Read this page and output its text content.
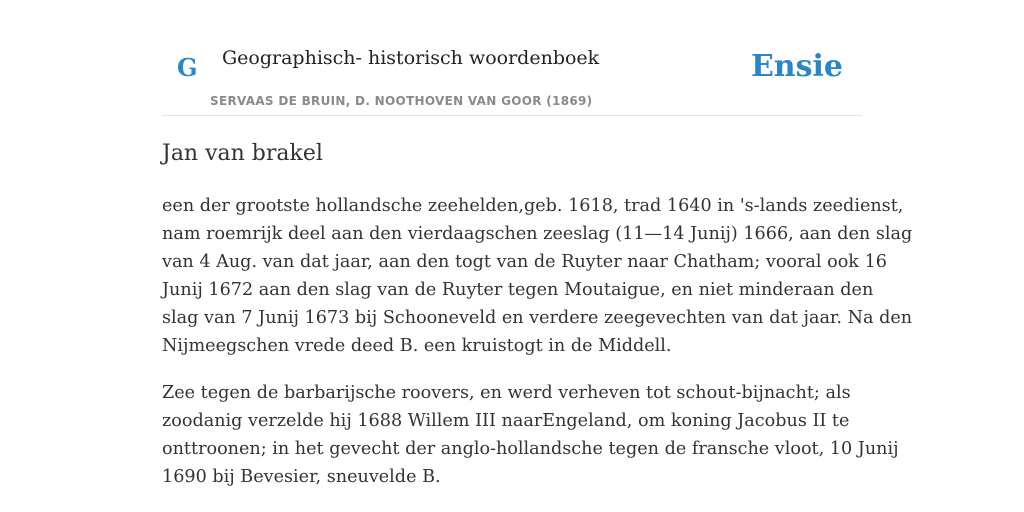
G Geographisch- historisch woordenboek
SERVAAS DE BRUIN, D. NOOTHOVEN VAN GOOR (1869)
Ensie
Jan van brakel

een der grootste hollandsche zeehelden,geb. 1618, trad 1640 in 's-lands zeedienst,
nam roemrijk deel aan den vierdaagschen zeeslag (11—14 Junij) 1666, aan den slag
van 4 Aug. van dat jaar, aan den togt van de Ruyter naar Chatham; vooral ook 16
Junij 1672 aan den slag van de Ruyter tegen Moutaigue, en niet minderaan den
slag van 7 Junij 1673 bij Schooneveld en verdere zeegevechten van dat jaar. Na den
Nijmeegschen vrede deed B. een kruistogt in de Middell.

Zee tegen de barbarijsche roovers, en werd verheven tot schout-bijnacht; als
zoodanig verzelde hij 1688 Willem III naarEngeland, om koning Jacobus II te
onttroonen; in het gevecht der anglo-hollandsche tegen de fransche vloot, 10 Junij
1690 bij Bevesier, sneuvelde B.
